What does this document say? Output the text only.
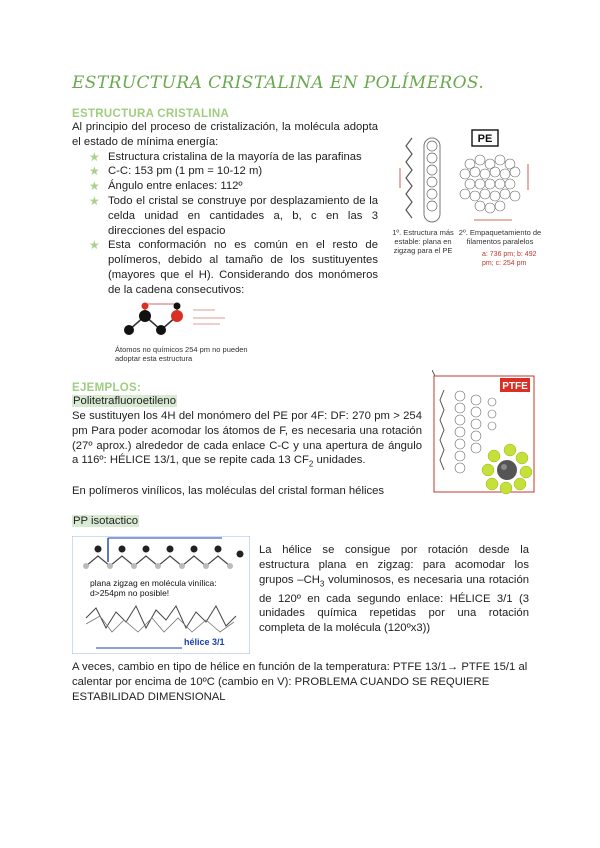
ESTRUCTURA CRISTALINA EN POLÍMEROS.
ESTRUCTURA CRISTALINA

Al principio del proceso de cristalización, la molécula adopta el estado de mínima energía:

★ Estructura cristalina de la mayoría de las parafinas
★ C-C: 153 pm (1 pm = 10-12 m)
★ Ángulo entre enlaces: 112º
★ Todo el cristal se construye por desplazamiento de la celda unidad en cantidades a, b, c en las 3 direcciones del espacio
★ Esta conformación no es común en el resto de polímeros, debido al tamaño de los sustituyentes (mayores que el H). Considerando dos monómeros de la cadena consecutivos:
Átomos no químicos 254 pm no pueden adoptar esta estructura
PE
1º. Estructura más estable: plana en zigzag para el PE
2º. Empaquetamiento de filamentos paralelos
a: 736 pm; b: 492 pm; c: 254 pm
EJEMPLOS:
Politetrafluoroetileno

Se sustituyen los 4H del monómero del PE por 4F: DF: 270 pm > 254 pm Para poder acomodar los átomos de F, es necesaria una rotación (27º aprox.) alrededor de cada enlace C-C y una apertura de ángulo a 116º: HÉLICE 13/1, que se repite cada 13 $CF_2$ unidades.

En polímeros vinílicos, las moléculas del cristal forman hélices

PTFE
PP isotactico
plana zigzag en molécula vinílica: d>254pm no posible!
hélice 3/1

La hélice se consigue por rotación desde la estructura plana en zigzag: para acomodar los grupos $-CH_3$ voluminosos, es necesaria una rotación de 120º en cada segundo enlace: HÉLICE 3/1 (3 unidades química repetidas por una rotación completa de la molécula (120ºx3))

A veces, cambio en tipo de hélice en función de la temperatura: PTFE 13/1→ PTFE 15/1 al calentar por encima de 10ºC (cambio en V): PROBLEMA CUANDO SE REQUIERE ESTABILIDAD DIMENSIONAL
